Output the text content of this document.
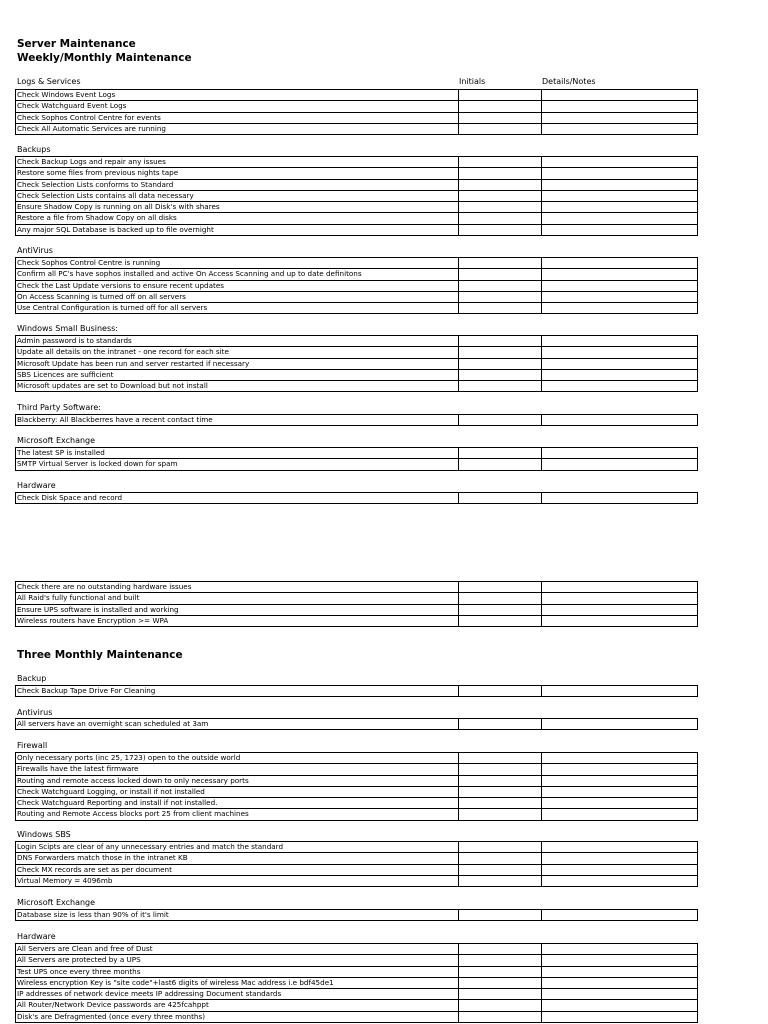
Server Maintenance
Weekly/Monthly Maintenance
Logs & Services	Initials	Details/Notes
Three Monthly Maintenance
Check Windows Event Logs
Check Watchguard Event Logs
Check Sophos Control Centre for events
Check All Automatic Services are running
Backups
Check Backup Logs and repair any issues
Restore some files from previous nights tape
Check Selection Lists conforms to Standard
Check Selection Lists contains all data necessary
Ensure Shadow Copy is running on all Disk's with shares
Restore a file from Shadow Copy on all disks
Any major SQL Database is backed up to file overnight
AntiVirus
Check Sophos Control Centre is running
Confirm all PC's have sophos installed and active On Access Scanning and up to date definitons
Check the Last Update versions to ensure recent updates
On Access Scanning is turned off on all servers
Use Central Configuration is turned off for all servers
Windows Small Business:
Admin password is to standards
Update all details on the intranet - one record for each site
Microsoft Update has been run and server restarted if necessary
SBS Licences are sufficient
Microsoft updates are set to Download but not install
Third Party Software:
Blackberry: All Blackberres have a recent contact time
Microsoft Exchange
The latest SP is installed
SMTP Virtual Server is locked down for spam
Hardware
Check Disk Space and record
Check there are no outstanding hardware issues
All Raid's fully functional and built
Ensure UPS software is installed and working
Wireless routers have Encryption >= WPA
Backup
Check Backup Tape Drive For Cleaning
Antivirus
All servers have an overnight scan scheduled at 3am
Firewall
Only necessary ports (inc 25, 1723) open to the outside world
Firewalls have the latest firmware
Routing and remote access locked down to only necessary ports
Check Watchguard Logging, or install if not installed
Check Watchguard Reporting and install if not installed.
Routing and Remote Access blocks port 25 from client machines
Windows SBS
Login Scipts are clear of any unnecessary entries and match the standard
DNS Forwarders match those in the intranet KB
Check MX records are set as per document
Virtual Memory = 4096mb
Microsoft Exchange
Database size is less than 90% of it's limit
Hardware
All Servers are Clean and free of Dust
All Servers are protected by a UPS
Test UPS once every three months
Wireless encryption Key is "site code"+last6 digits of wireless Mac address i.e bdf45de1
IP addresses of network device meets IP addressing Document standards
All Router/Network Device passwords are 425fcahppt
Disk's are Defragmented (once every three months)
